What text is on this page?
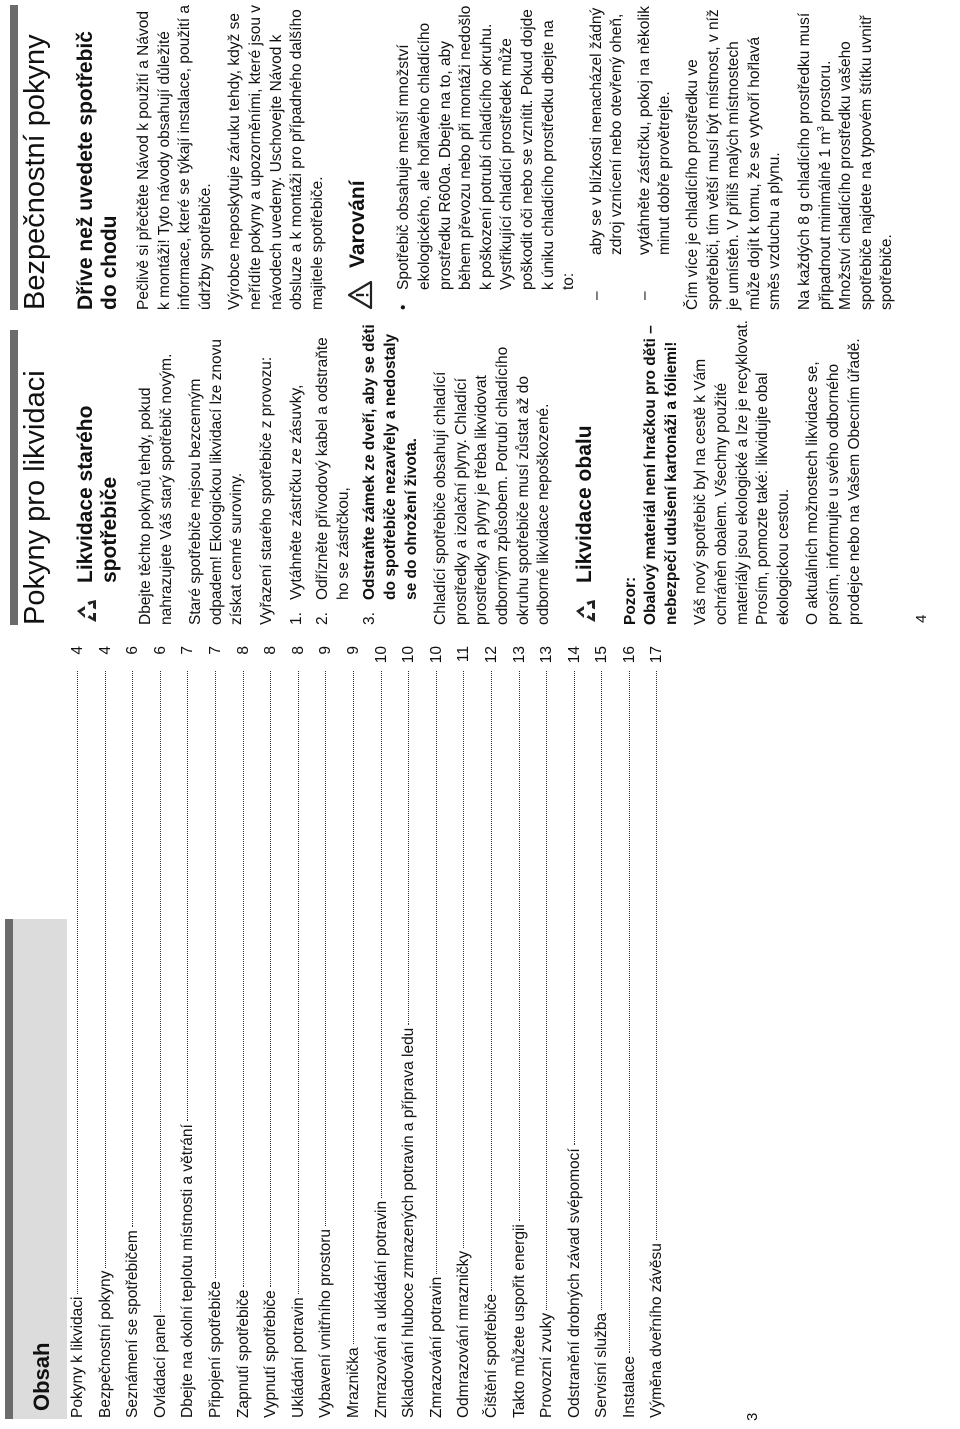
Obsah Pokyny k likvidaci
4
Bezpečnostní pokyny
4
Seznámení se spotřebičem
6
Ovládací panel
6
Dbejte na okolní teplotu místnosti a větrání
7
Připojení spotřebiče
7
Zapnutí spotřebiče
8
Vypnutí spotřebiče
8
Ukládání potravin
8
Vybavení vnitřního prostoru
9
Mraznička
9
Zmrazování a ukládání potravin
10
Skladování hluboce zmrazených potravin a příprava ledu
10
Zmrazování potravin
10
Odmrazování mrazničky
11
Čištění spotřebiče
12
Takto můžete uspořit energii
13
Provozní zvuky
13
Odstranění drobných závad svépomocí
14
Servisní služba
15
Instalace
16
Výměna dveřního závěsu
17
3
Pokyny pro likvidaci Likvidace starého
spotřebiče Dbejte těchto pokynů tehdy, pokud nahrazujete Váš starý spotřebič novým. Staré spotřebiče nejsou bezcenným odpadem! Ekologickou likvidací lze znovu získat cenné suroviny. Vyřazení starého spotřebiče z provozu: 1.
Vytáhněte zástrčku ze zásuvky,
2.
Odřízněte přívodový kabel a odstraňte ho se zástrčkou,
3.
Odstraňte zámek ze dveří, aby se děti do spotřebiče nezavřely a nedostaly se do ohrožení života. Chladící spotřebiče obsahují chladící prostředky a izolační plyny. Chladící prostředky a plyny je třeba likvidovat odborným způsobem. Potrubí chladícího okruhu spotřebiče musí zůstat až do odborné likvidace nepoškozené. Likvidace obalu
Pozor: Obalový materiál není hračkou pro děti – nebezpečí udušení kartonáži a fóliemi! Váš nový spotřebič byl na cestě k Vám ochráněn obalem. Všechny použité materiály jsou ekologické a lze je recyklovat. Prosím, pomozte také: likvidujte obal ekologickou cestou. O aktuálních možnostech likvidace se, prosím, informujte u svého odborného prodejce nebo na Vašem Obecním úřadě.	4
Bezpečnostní pokyny Dříve než uvedete spotřebič do chodu Pečlivě si přečtěte Návod k použití a Návod k montáži! Tyto návody obsahují důležité informace, které se týkají instalace, použití a údržby spotřebiče. Výrobce neposkytuje záruku tehdy, když se neřídíte pokyny a upozorněními, které jsou v návodech uvedeny. Uschovejte Návod k obsluze a k montáži pro případného dalšího majitele spotřebiče. Varování
•
Spotřebič obsahuje menší množství ekologického, ale hořlavého chladícího prostředku R600a. Dbejte na to, aby během převozu nebo při montáži nedošlo k poškození potrubí chladícího okruhu. Vystřikující chladící prostředek může poškodit oči nebo se vznítit. Pokud dojde k úniku chladícího prostředku dbejte na to:
–
aby se v blízkosti nenacházel žádný zdroj vznícení nebo otevřený oheň,
–
vytáhněte zástrčku, pokoj na několik minut dobře provětrejte. Čím více je chladícího prostředku ve spotřebiči, tím větší musí být místnost, v níž je umístěn. V příliš malých místnostech může dojít k tomu, že se vytvoří hořlavá směs vzduchu a plynu. Na každých 8 g chladícího prostředku musí připadnout minimálně 1 $m^3$ prostoru. Množství chladícího prostředku vašeho spotřebiče najdete na typovém štítku uvnitř spotřebiče.
